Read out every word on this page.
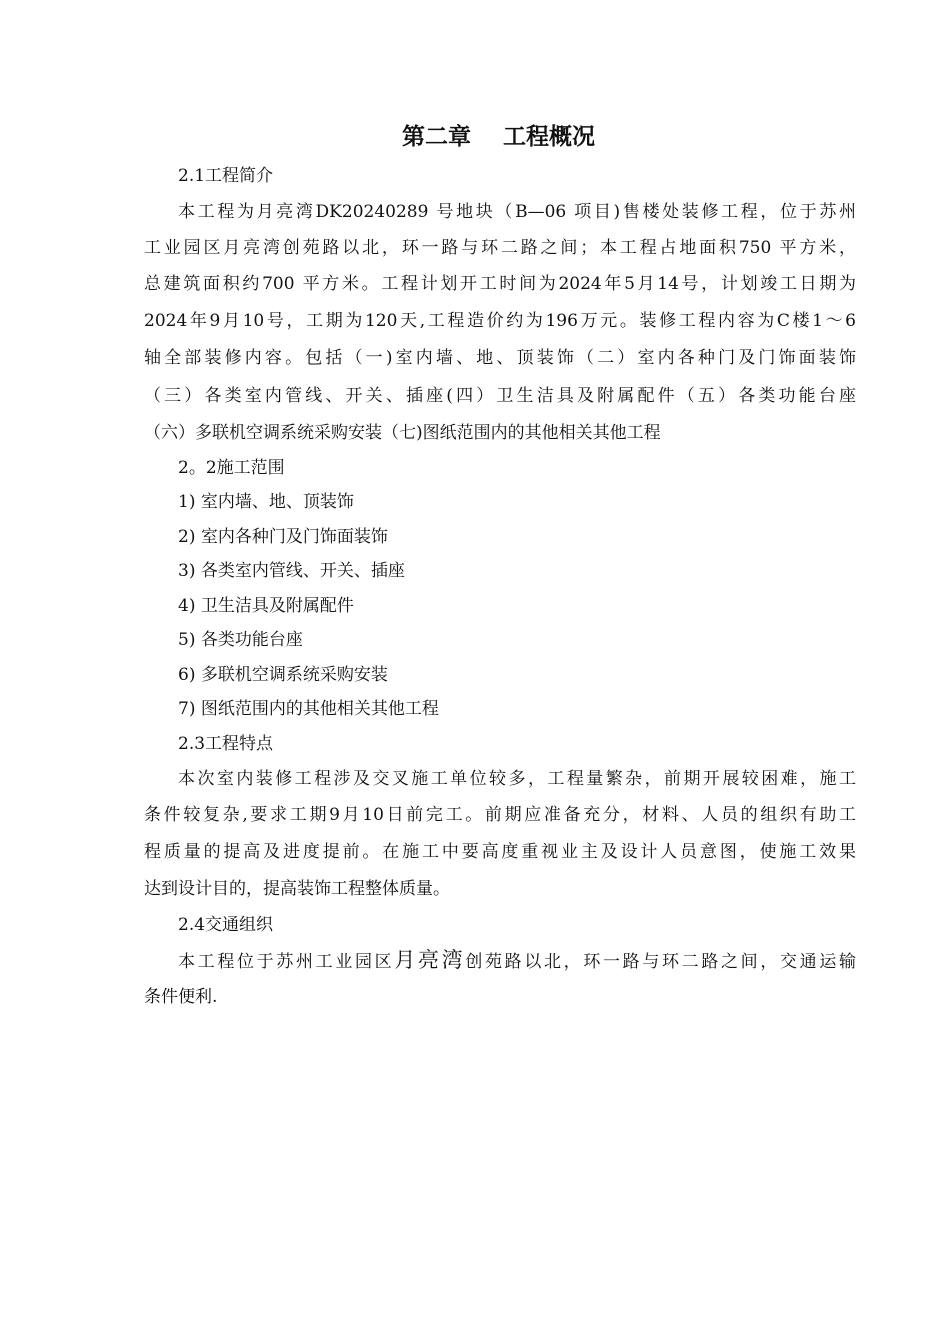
第二章    工程概况
2.1工程简介
本工程为月亮湾DK20240289 号地块（B—06 项目)售楼处装修工程，位于苏州
工业园区月亮湾创苑路以北，环一路与环二路之间；本工程占地面积750 平方米，
总建筑面积约700 平方米。工程计划开工时间为2024年5月14号，计划竣工日期为
2024年9月10号，工期为120天,工程造价约为196万元。装修工程内容为C楼1～6
轴全部装修内容。包括（一)室内墙、地、顶装饰（二）室内各种门及门饰面装饰
（三）各类室内管线、开关、插座(四）卫生洁具及附属配件（五）各类功能台座
（六）多联机空调系统采购安装（七)图纸范围内的其他相关其他工程
2。2施工范围
1) 室内墙、地、顶装饰
2) 室内各种门及门饰面装饰
3) 各类室内管线、开关、插座
4) 卫生洁具及附属配件
5) 各类功能台座
6) 多联机空调系统采购安装
7) 图纸范围内的其他相关其他工程
2.3工程特点
本次室内装修工程涉及交叉施工单位较多，工程量繁杂，前期开展较困难，施工
条件较复杂,要求工期9月10日前完工。前期应准备充分，材料、人员的组织有助工
程质量的提高及进度提前。在施工中要高度重视业主及设计人员意图，使施工效果
达到设计目的，提高装饰工程整体质量。
2.4交通组织
本工程位于苏州工业园区月亮湾创苑路以北，环一路与环二路之间，交通运输
条件便利.
